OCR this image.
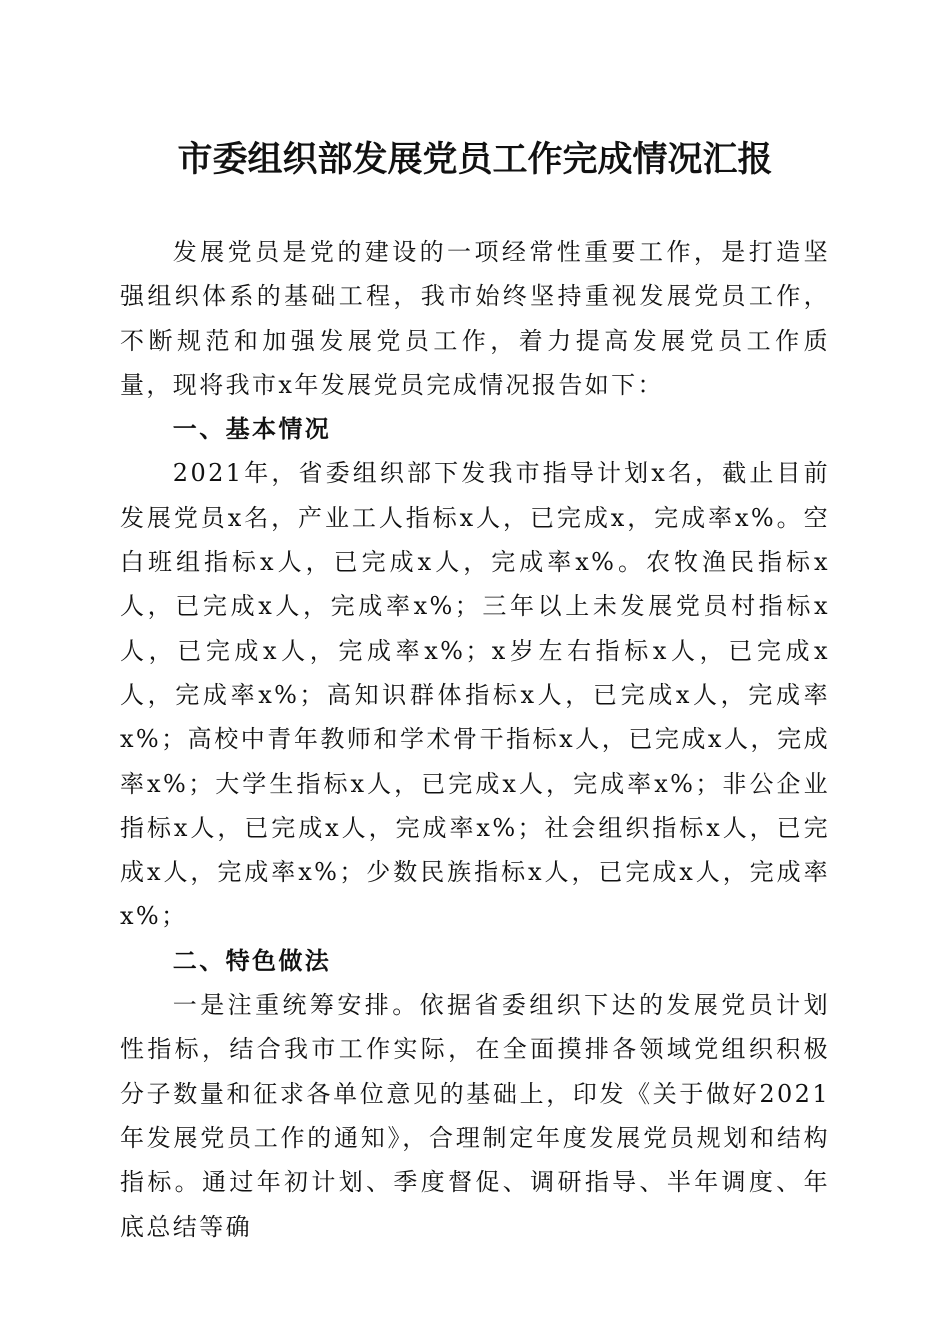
市委组织部发展党员工作完成情况汇报

发展党员是党的建设的一项经常性重要工作，是打造坚强组织体系的基础工程，我市始终坚持重视发展党员工作，不断规范和加强发展党员工作，着力提高发展党员工作质量，现将我市x年发展党员完成情况报告如下：

一、基本情况

2021年，省委组织部下发我市指导计划x名，截止目前发展党员x名，产业工人指标x人，已完成x，完成率x%。空白班组指标x人，已完成x人，完成率x%。农牧渔民指标x人，已完成x人，完成率x%；三年以上未发展党员村指标x人，已完成x人，完成率x%；x岁左右指标x人，已完成x人，完成率x%；高知识群体指标x人，已完成x人，完成率x%；高校中青年教师和学术骨干指标x人，已完成x人，完成率x%；大学生指标x人，已完成x人，完成率x%；非公企业指标x人，已完成x人，完成率x%；社会组织指标x人，已完成x人，完成率x%；少数民族指标x人，已完成x人，完成率x%；

二、特色做法

一是注重统筹安排。依据省委组织下达的发展党员计划性指标，结合我市工作实际，在全面摸排各领域党组织积极分子数量和征求各单位意见的基础上，印发《关于做好2021年发展党员工作的通知》，合理制定年度发展党员规划和结构指标。通过年初计划、季度督促、调研指导、半年调度、年底总结等确
